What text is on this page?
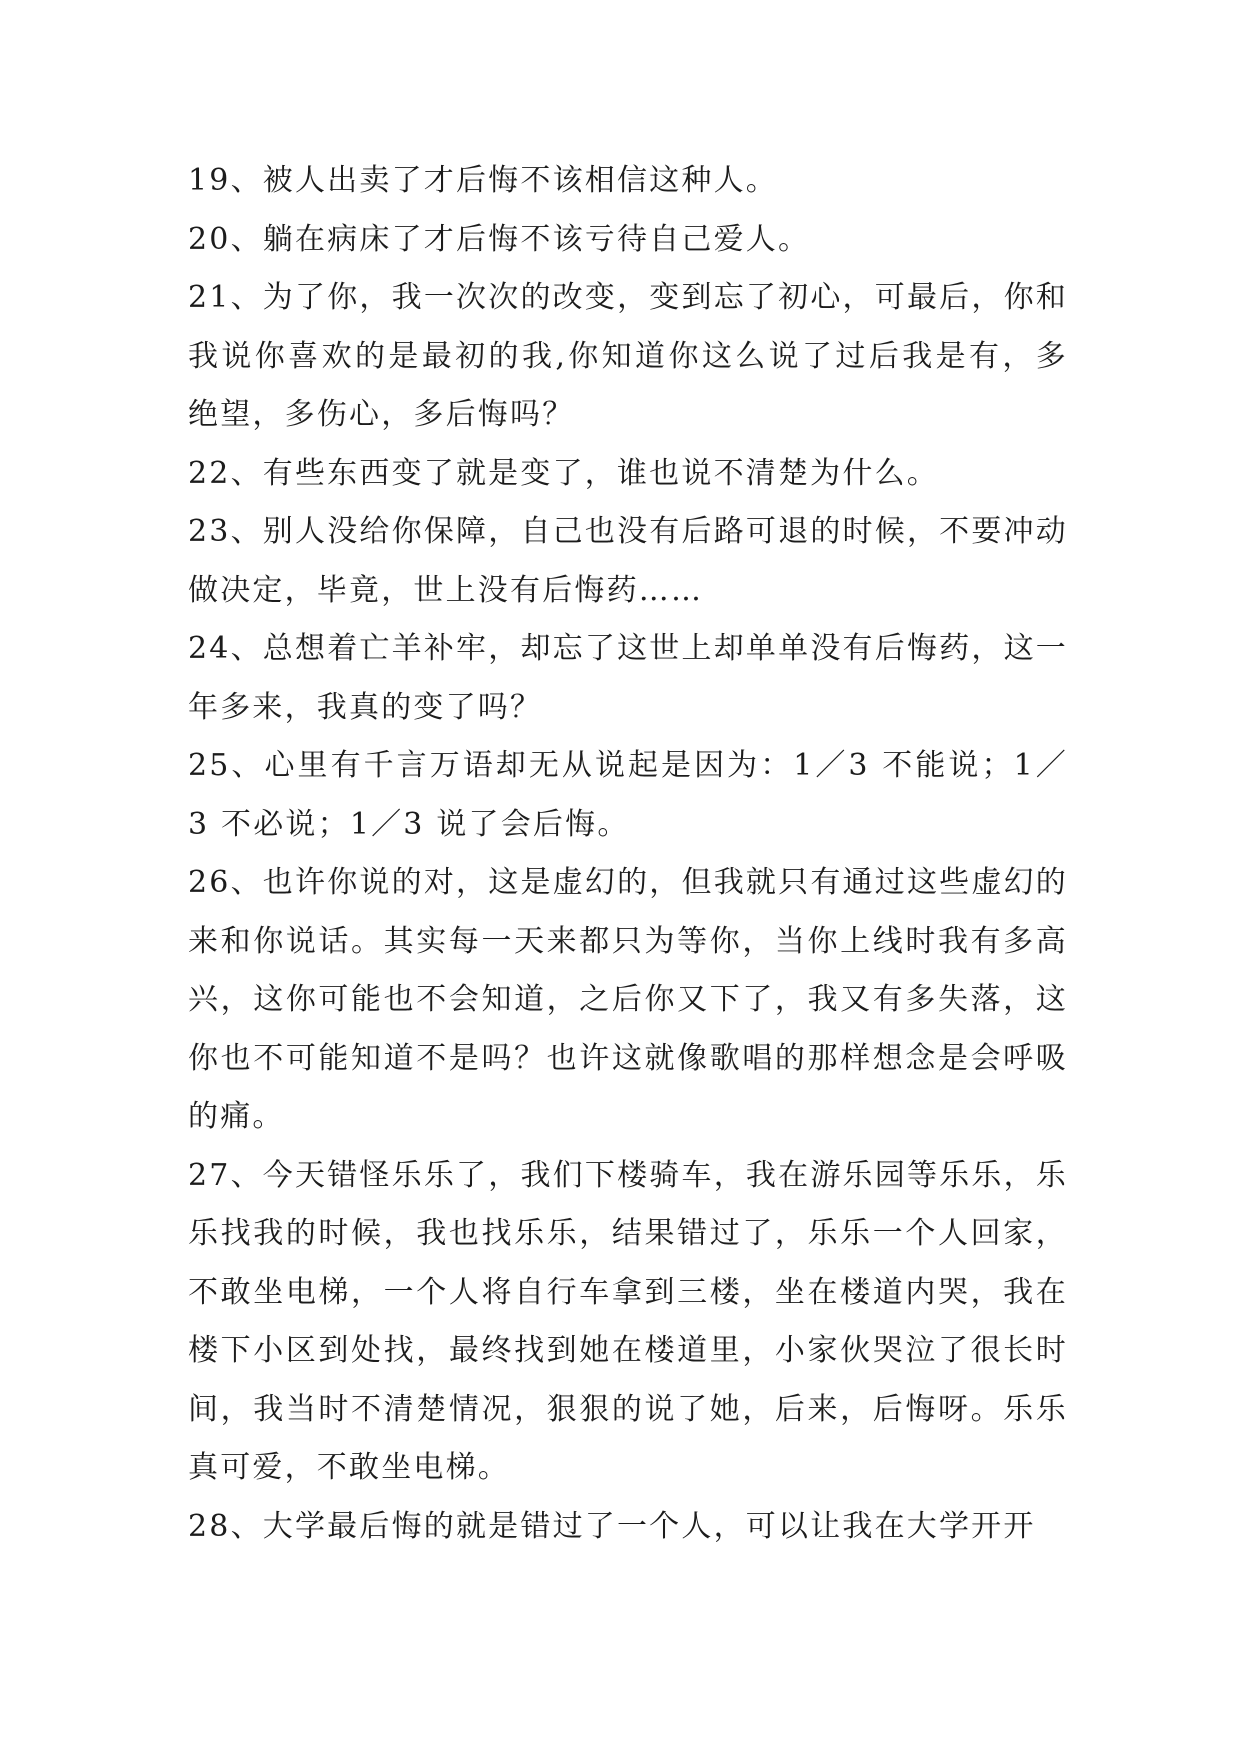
19、被人出卖了才后悔不该相信这种人。

20、躺在病床了才后悔不该亏待自己爱人。

21、为了你，我一次次的改变，变到忘了初心，可最后，你和我说你喜欢的是最初的我,你知道你这么说了过后我是有，多绝望，多伤心，多后悔吗？

22、有些东西变了就是变了，谁也说不清楚为什么。

23、别人没给你保障，自己也没有后路可退的时候，不要冲动做决定，毕竟，世上没有后悔药……

24、总想着亡羊补牢，却忘了这世上却单单没有后悔药，这一年多来，我真的变了吗？

25、心里有千言万语却无从说起是因为：1／3 不能说；1／3 不必说；1／3 说了会后悔。

26、也许你说的对，这是虚幻的，但我就只有通过这些虚幻的来和你说话。其实每一天来都只为等你，当你上线时我有多高兴，这你可能也不会知道，之后你又下了，我又有多失落，这你也不可能知道不是吗？也许这就像歌唱的那样想念是会呼吸的痛。

27、今天错怪乐乐了，我们下楼骑车，我在游乐园等乐乐，乐乐找我的时候，我也找乐乐，结果错过了，乐乐一个人回家，不敢坐电梯，一个人将自行车拿到三楼，坐在楼道内哭，我在楼下小区到处找，最终找到她在楼道里，小家伙哭泣了很长时间，我当时不清楚情况，狠狠的说了她，后来，后悔呀。乐乐真可爱，不敢坐电梯。

28、大学最后悔的就是错过了一个人，可以让我在大学开开
